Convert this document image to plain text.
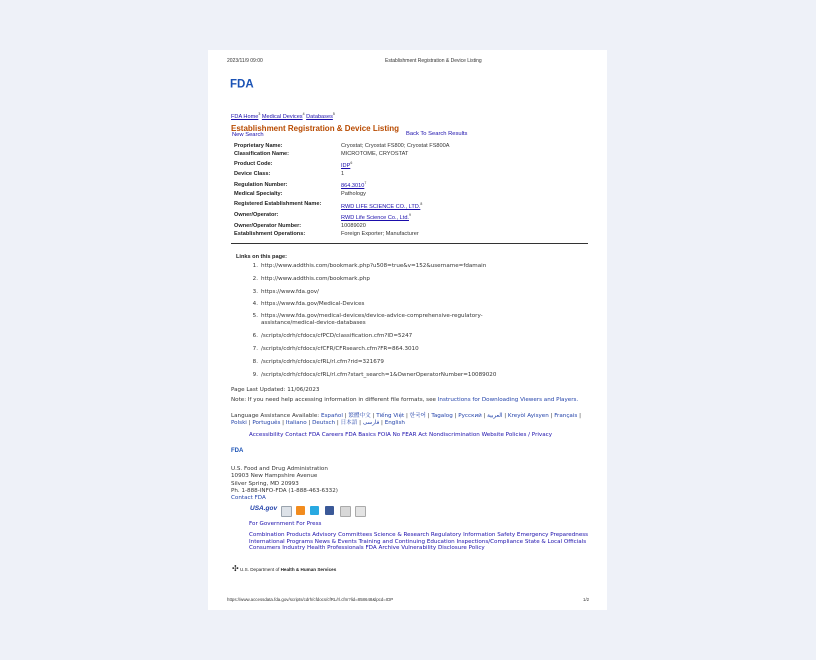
2023/11/9 09:00	Establishment Registration & Device Listing
FDA
FDA Home$^3$ Medical Devices$^4$ Databases$^5$
Establishment Registration & Device Listing
New Search	Back To Search Results
Proprietary Name:	Cryostat; Cryostat FS800; Cryostat FS800A
Classification Name:	MICROTOME, CRYOSTAT
Product Code:	IDP$^6$
Device Class:	1
Regulation Number:	864.3010$^7$
Medical Specialty:	Pathology
Registered Establishment Name:	RWD LIFE SCIENCE CO., LTD.$^8$
Owner/Operator:	RWD Life Science Co., Ltd.$^9$
Owner/Operator Number:	10089020
Establishment Operations:	Foreign Exporter; Manufacturer
Links on this page:
1. http://www.addthis.com/bookmark.php?u508=true&v=152&username=fdamain
2. http://www.addthis.com/bookmark.php
3. https://www.fda.gov/
4. https://www.fda.gov/Medical-Devices
5. https://www.fda.gov/medical-devices/device-advice-comprehensive-regulatory-assistance/medical-device-databases
6. /scripts/cdrh/cfdocs/cfPCD/classification.cfm?ID=5247
7. /scripts/cdrh/cfdocs/cfCFR/CFRsearch.cfm?FR=864.3010
8. /scripts/cdrh/cfdocs/cfRL/rl.cfm?rid=321679
9. /scripts/cdrh/cfdocs/cfRL/rl.cfm?start_search=1&OwnerOperatorNumber=10089020
Page Last Updated: 11/06/2023
Note: If you need help accessing information in different file formats, see Instructions for Downloading Viewers and Players.
Language Assistance Available: Español | 繁體中文 | Tiếng Việt | 한국어 | Tagalog | Русский | العربية | Kreyòl Ayisyen | Français | Polski | Português | Italiano | Deutsch | 日本語 | فارسی | English
Accessibility Contact FDA Careers FDA Basics FOIA No FEAR Act Nondiscrimination Website Policies / Privacy
FDA
U.S. Food and Drug Administration
10903 New Hampshire Avenue
Silver Spring, MD 20993
Ph. 1-888-INFO-FDA (1-888-463-6332)
Contact FDA
USA.gov
For Government For Press
Combination Products Advisory Committees Science & Research Regulatory Information Safety Emergency Preparedness International Programs News & Events Training and Continuing Education Inspections/Compliance State & Local Officials Consumers Industry Health Professionals FDA Archive Vulnerability Disclosure Policy
✣ U.S. Department of Health & Human Services
https://www.accessdata.fda.gov/scripts/cdrh/cfdocs/cfRL/rl.cfm?lid=858648&lpcd=IDP	1/2
